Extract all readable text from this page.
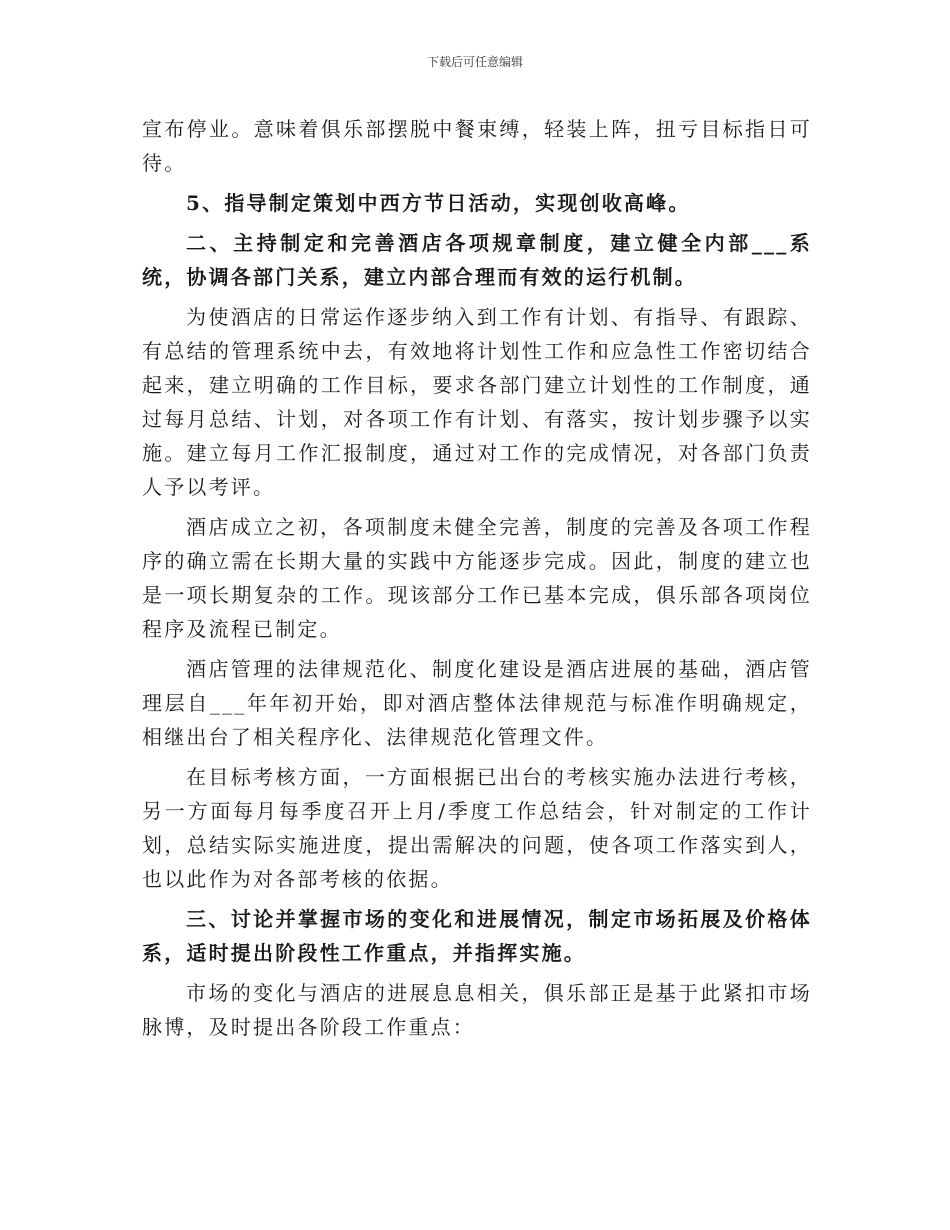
下载后可任意编辑

宣布停业。意味着俱乐部摆脱中餐束缚，轻装上阵，扭亏目标指日可待。

5、指导制定策划中西方节日活动，实现创收高峰。

二、主持制定和完善酒店各项规章制度，建立健全内部___系统，协调各部门关系，建立内部合理而有效的运行机制。

为使酒店的日常运作逐步纳入到工作有计划、有指导、有跟踪、有总结的管理系统中去，有效地将计划性工作和应急性工作密切结合起来，建立明确的工作目标，要求各部门建立计划性的工作制度，通过每月总结、计划，对各项工作有计划、有落实，按计划步骤予以实施。建立每月工作汇报制度，通过对工作的完成情况，对各部门负责人予以考评。

酒店成立之初，各项制度未健全完善，制度的完善及各项工作程序的确立需在长期大量的实践中方能逐步完成。因此，制度的建立也是一项长期复杂的工作。现该部分工作已基本完成，俱乐部各项岗位程序及流程已制定。

酒店管理的法律规范化、制度化建设是酒店进展的基础，酒店管理层自___年年初开始，即对酒店整体法律规范与标准作明确规定，相继出台了相关程序化、法律规范化管理文件。

在目标考核方面，一方面根据已出台的考核实施办法进行考核，另一方面每月每季度召开上月/季度工作总结会，针对制定的工作计划，总结实际实施进度，提出需解决的问题，使各项工作落实到人，也以此作为对各部考核的依据。

三、讨论并掌握市场的变化和进展情况，制定市场拓展及价格体系，适时提出阶段性工作重点，并指挥实施。

市场的变化与酒店的进展息息相关，俱乐部正是基于此紧扣市场脉博，及时提出各阶段工作重点：
